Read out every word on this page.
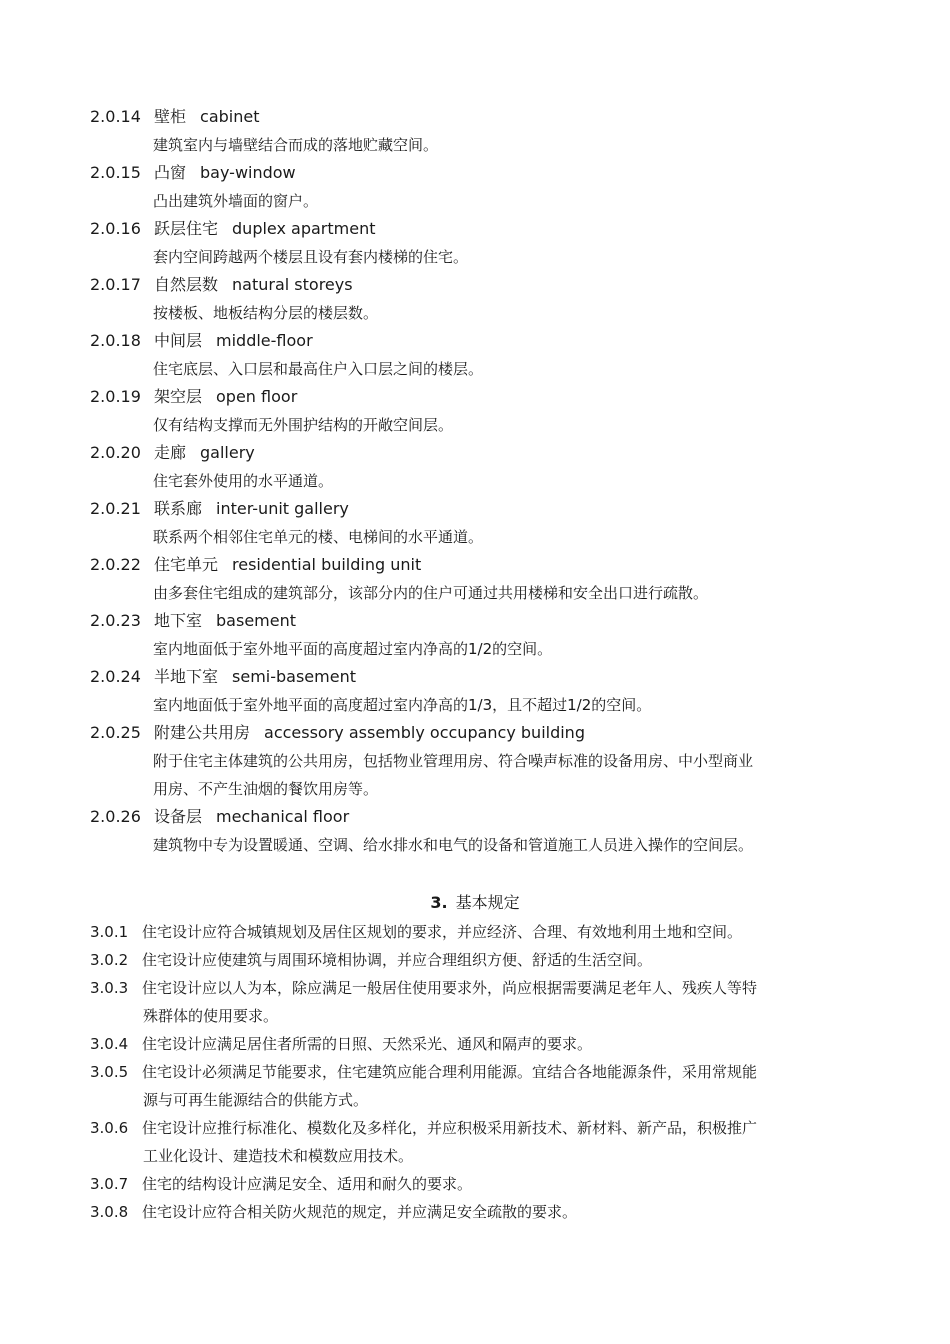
2.0.14 壁柜 cabinet
建筑室内与墙壁结合而成的落地贮藏空间。
2.0.15 凸窗 bay-window
凸出建筑外墙面的窗户。
2.0.16 跃层住宅 duplex apartment
套内空间跨越两个楼层且设有套内楼梯的住宅。
2.0.17 自然层数 natural storeys
按楼板、地板结构分层的楼层数。
2.0.18 中间层 middle-floor
住宅底层、入口层和最高住户入口层之间的楼层。
2.0.19 架空层 open floor
仅有结构支撑而无外围护结构的开敞空间层。
2.0.20 走廊 gallery
住宅套外使用的水平通道。
2.0.21 联系廊 inter-unit gallery
联系两个相邻住宅单元的楼、电梯间的水平通道。
2.0.22 住宅单元 residential building unit
由多套住宅组成的建筑部分，该部分内的住户可通过共用楼梯和安全出口进行疏散。
2.0.23 地下室 basement
室内地面低于室外地平面的高度超过室内净高的1/2的空间。
2.0.24 半地下室 semi-basement
室内地面低于室外地平面的高度超过室内净高的1/3，且不超过1/2的空间。
2.0.25 附建公共用房 accessory assembly occupancy building
附于住宅主体建筑的公共用房，包括物业管理用房、符合噪声标准的设备用房、中小型商业
用房、不产生油烟的餐饮用房等。
2.0.26 设备层 mechanical floor
建筑物中专为设置暖通、空调、给水排水和电气的设备和管道施工人员进入操作的空间层。
3. 基本规定
3.0.1 住宅设计应符合城镇规划及居住区规划的要求，并应经济、合理、有效地利用土地和空间。
3.0.2 住宅设计应使建筑与周围环境相协调，并应合理组织方便、舒适的生活空间。
3.0.3 住宅设计应以人为本，除应满足一般居住使用要求外，尚应根据需要满足老年人、残疾人等特
殊群体的使用要求。
3.0.4 住宅设计应满足居住者所需的日照、天然采光、通风和隔声的要求。
3.0.5 住宅设计必须满足节能要求，住宅建筑应能合理利用能源。宜结合各地能源条件，采用常规能
源与可再生能源结合的供能方式。
3.0.6 住宅设计应推行标准化、模数化及多样化，并应积极采用新技术、新材料、新产品，积极推广
工业化设计、建造技术和模数应用技术。
3.0.7 住宅的结构设计应满足安全、适用和耐久的要求。
3.0.8 住宅设计应符合相关防火规范的规定，并应满足安全疏散的要求。
